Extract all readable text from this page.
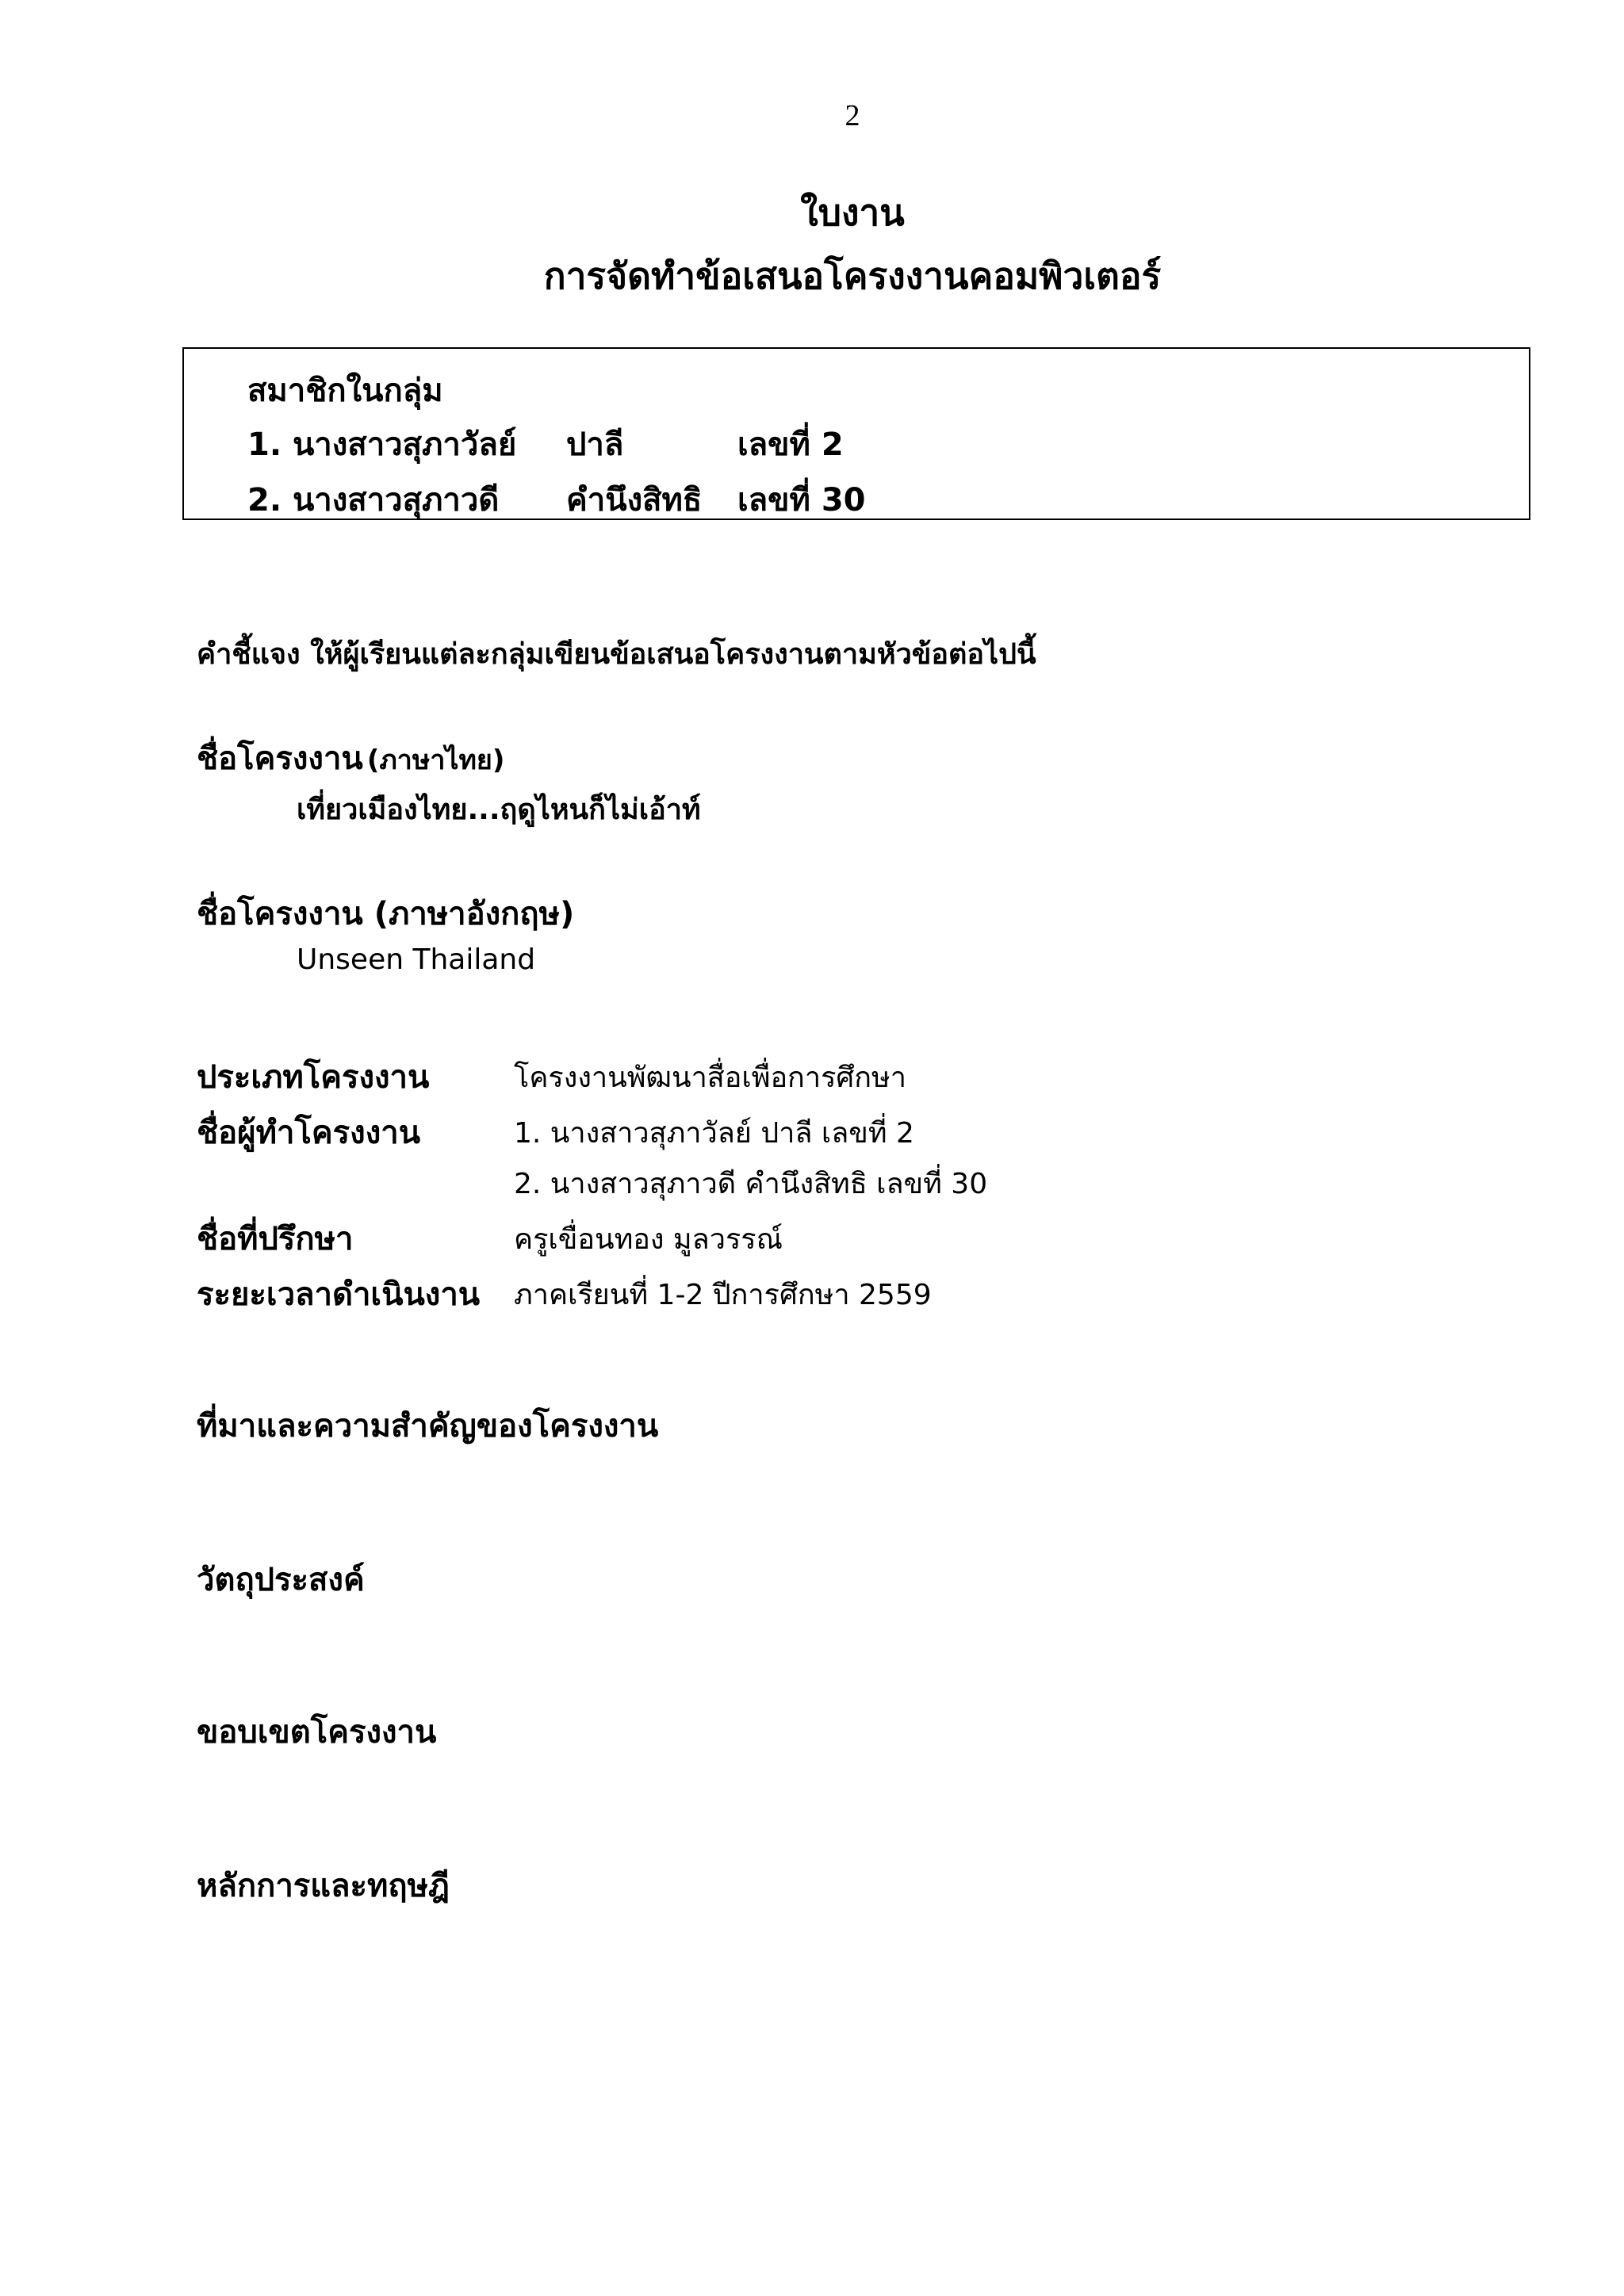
2
ใบงาน
การจัดทำข้อเสนอโครงงานคอมพิวเตอร์
สมาชิกในกลุ่ม
1. นางสาวสุภาวัลย์ ปาลี	เลขที่ 2
2. นางสาวสุภาวดี คำนึงสิทธิ เลขที่ 30
คำชี้แจง ให้ผู้เรียนแต่ละกลุ่มเขียนข้อเสนอโครงงานตามหัวข้อต่อไปนี้
ชื่อโครงงาน (ภาษาไทย)
เที่ยวเมืองไทย...ฤดูไหนก็ไม่เอ้าท์
ชื่อโครงงาน (ภาษาอังกฤษ)
Unseen Thailand
ประเภทโครงงาน	โครงงานพัฒนาสื่อเพื่อการศึกษา
ชื่อผู้ทำโครงงาน	1. นางสาวสุภาวัลย์ ปาลี เลขที่ 2
2. นางสาวสุภาวดี คำนึงสิทธิ เลขที่ 30
ชื่อที่ปรึกษา	ครูเขื่อนทอง มูลวรรณ์
ระยะเวลาดำเนินงาน ภาคเรียนที่ 1-2 ปีการศึกษา 2559
ที่มาและความสำคัญของโครงงาน
วัตถุประสงค์
ขอบเขตโครงงาน
หลักการและทฤษฎี
